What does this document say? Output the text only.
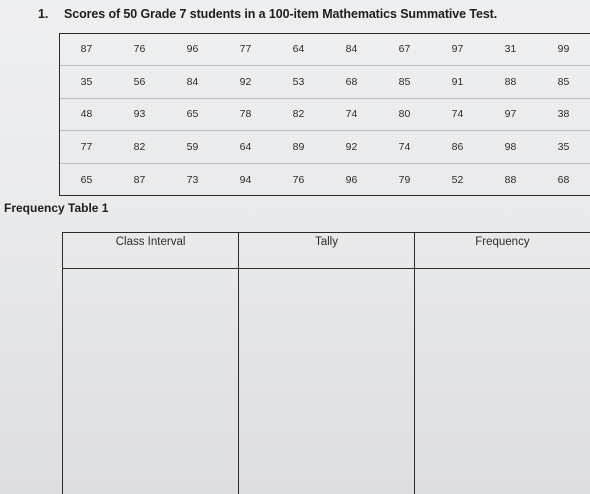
1. Scores of 50 Grade 7 students in a 100-item Mathematics Summative Test.
87	76	96	77	64	84	67	97	31	99
35	56	84	92	53	68	85	91	88	85
48	93	65	78	82	74	80	74	97	38
77	82	59	64	89	92	74	86	98	35
65	87	73	94	76	96	79	52	88	68
Frequency Table 1
Class Interval	Tally	Frequency
